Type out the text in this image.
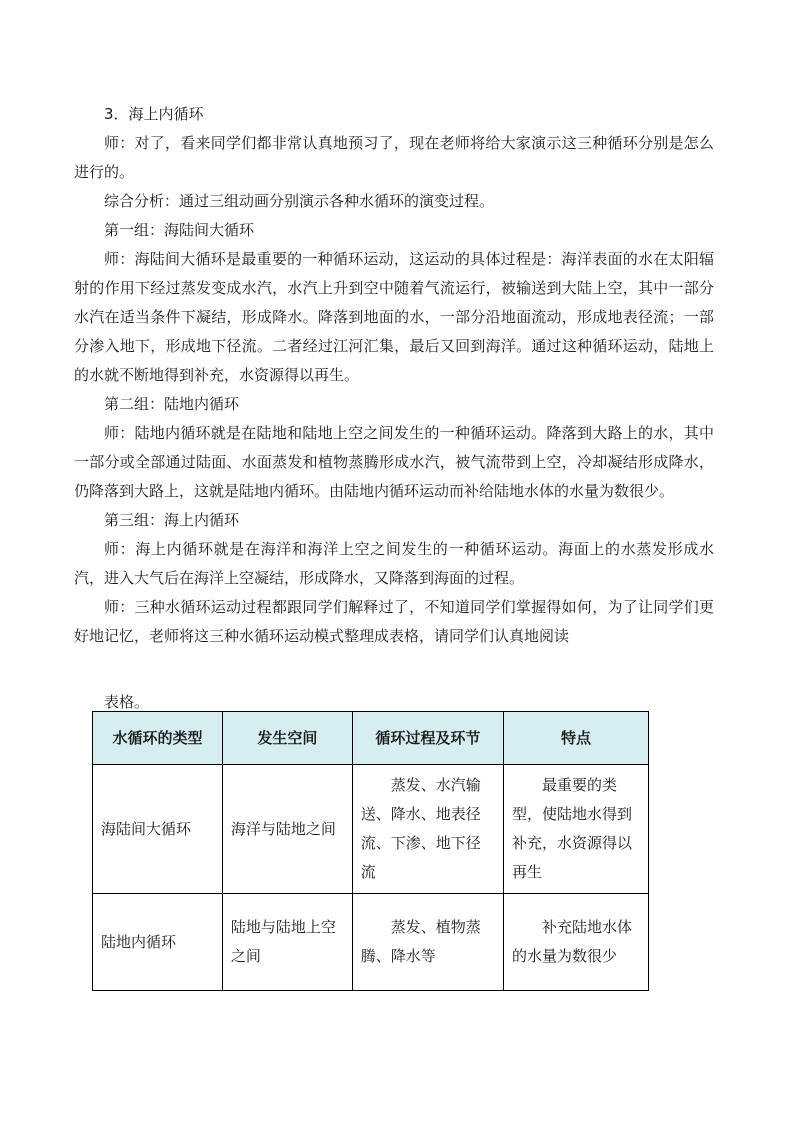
3．海上内循环

师：对了，看来同学们都非常认真地预习了，现在老师将给大家演示这三种循环分别是怎么进行的。

综合分析：通过三组动画分别演示各种水循环的演变过程。

第一组：海陆间大循环

师：海陆间大循环是最重要的一种循环运动，这运动的具体过程是：海洋表面的水在太阳辐射的作用下经过蒸发变成水汽，水汽上升到空中随着气流运行，被输送到大陆上空，其中一部分水汽在适当条件下凝结，形成降水。降落到地面的水，一部分沿地面流动，形成地表径流；一部分渗入地下，形成地下径流。二者经过江河汇集，最后又回到海洋。通过这种循环运动，陆地上的水就不断地得到补充，水资源得以再生。

第二组：陆地内循环

师：陆地内循环就是在陆地和陆地上空之间发生的一种循环运动。降落到大路上的水，其中一部分或全部通过陆面、水面蒸发和植物蒸腾形成水汽，被气流带到上空，冷却凝结形成降水，仍降落到大路上，这就是陆地内循环。由陆地内循环运动而补给陆地水体的水量为数很少。

第三组：海上内循环

师：海上内循环就是在海洋和海洋上空之间发生的一种循环运动。海面上的水蒸发形成水汽，进入大气后在海洋上空凝结，形成降水，又降落到海面的过程。

师：三种水循环运动过程都跟同学们解释过了，不知道同学们掌握得如何，为了让同学们更好地记忆，老师将这三种水循环运动模式整理成表格，请同学们认真地阅读

表格。
水循环的类型	发生空间	循环过程及环节	特点
海陆间大循环	海洋与陆地之间	蒸发、水汽输送、降水、地表径流、下渗、地下径流	最重要的类型，使陆地水得到补充，水资源得以再生
陆地内循环	陆地与陆地上空之间	蒸发、植物蒸腾、降水等	补充陆地水体的水量为数很少
